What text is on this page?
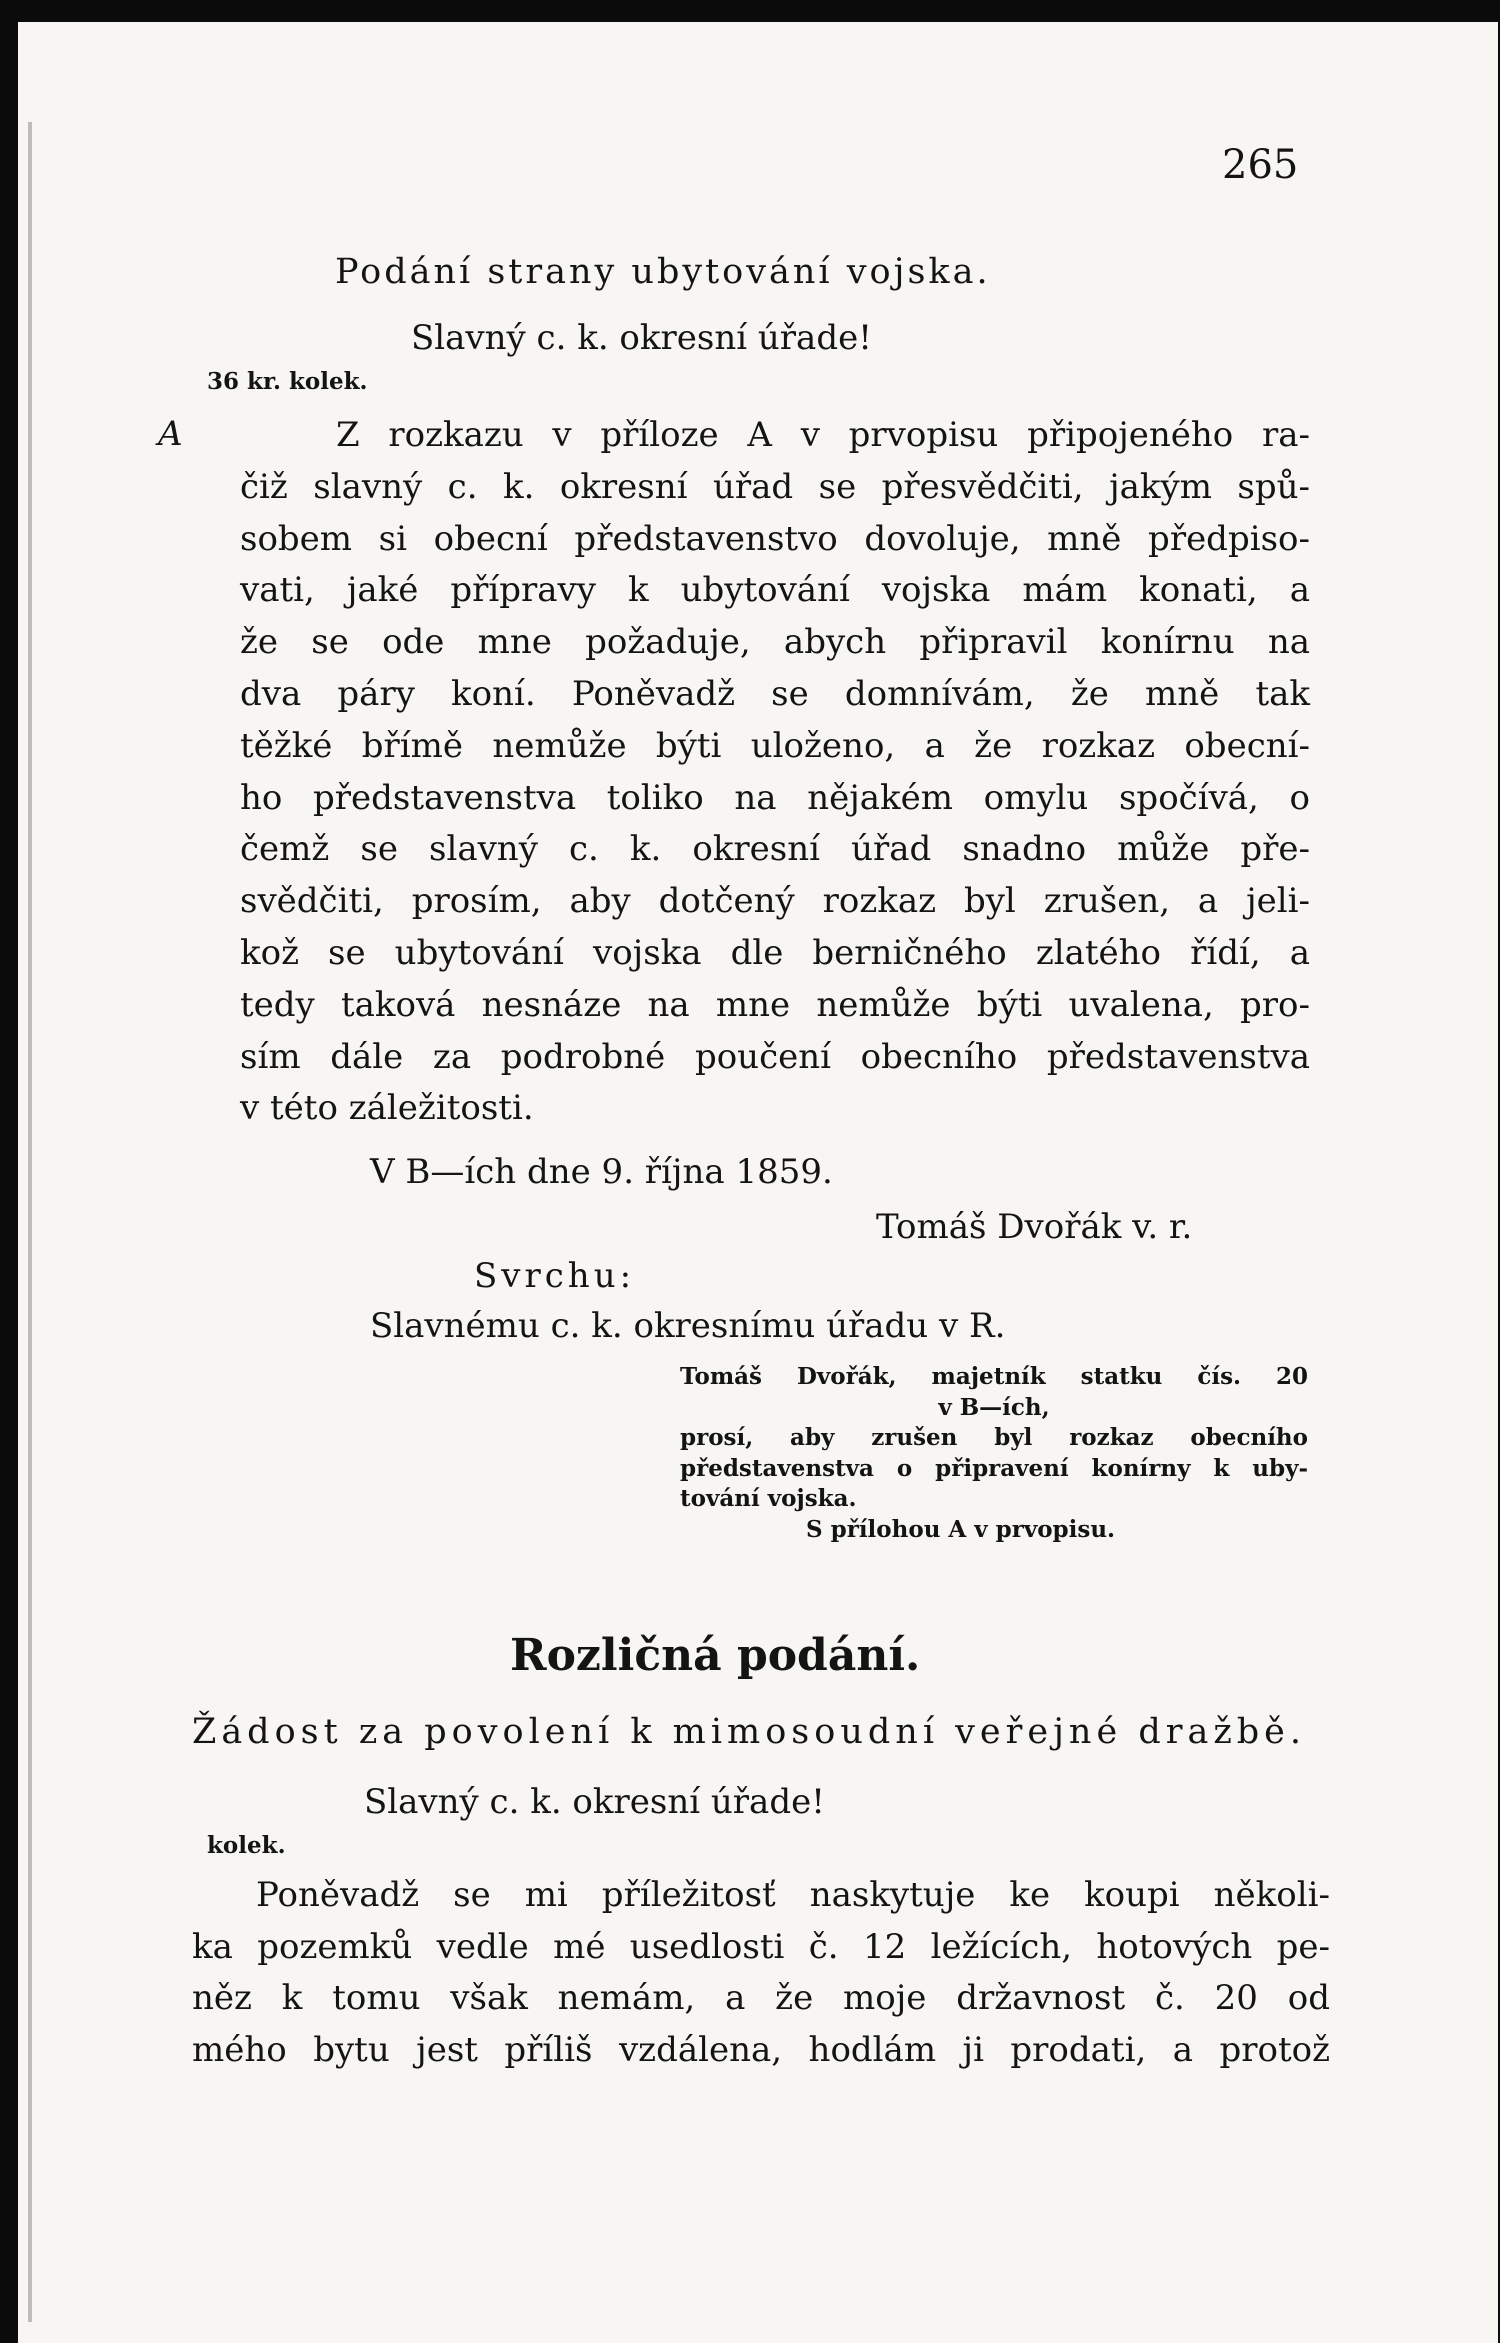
265
Podání strany ubytování vojska.
Slavný c. k. okresní úřade!
36 kr. kolek.
A	Z rozkazu v příloze A v prvopisu připojeného ra-
čiž slavný c. k. okresní úřad se přesvědčiti, jakým spů-
sobem si obecní představenstvo dovoluje, mně předpiso-
vati, jaké přípravy k ubytování vojska mám konati, a
že se ode mne požaduje, abych připravil konírnu na
dva páry koní. Poněvadž se domnívám, že mně tak
těžké břímě nemůže býti uloženo, a že rozkaz obecní-
ho představenstva toliko na nějakém omylu spočívá, o
čemž se slavný c. k. okresní úřad snadno může pře-
svědčiti, prosím, aby dotčený rozkaz byl zrušen, a jeli-
kož se ubytování vojska dle berničného zlatého řídí, a
tedy taková nesnáze na mne nemůže býti uvalena, pro-
sím dále za podrobné poučení obecního představenstva
v této záležitosti.
V B—ích dne 9. října 1859.
Tomáš Dvořák v. r.
Svrchu:
Slavnému c. k. okresnímu úřadu v R.
Tomáš Dvořák, majetník statku čís. 20
v B—ích,
prosí, aby zrušen byl rozkaz obecního
představenstva o připravení konírny k uby-
tování vojska.
S přílohou A v prvopisu.
Rozličná podání.
Žádost za povolení k mimosoudní veřejné dražbě.
Slavný c. k. okresní úřade!
kolek.
Poněvadž se mi příležitosť naskytuje ke koupi několi-
ka pozemků vedle mé usedlosti č. 12 ležících, hotových pe-
něz k tomu však nemám, a že moje državnost č. 20 od
mého bytu jest příliš vzdálena, hodlám ji prodati, a protož
